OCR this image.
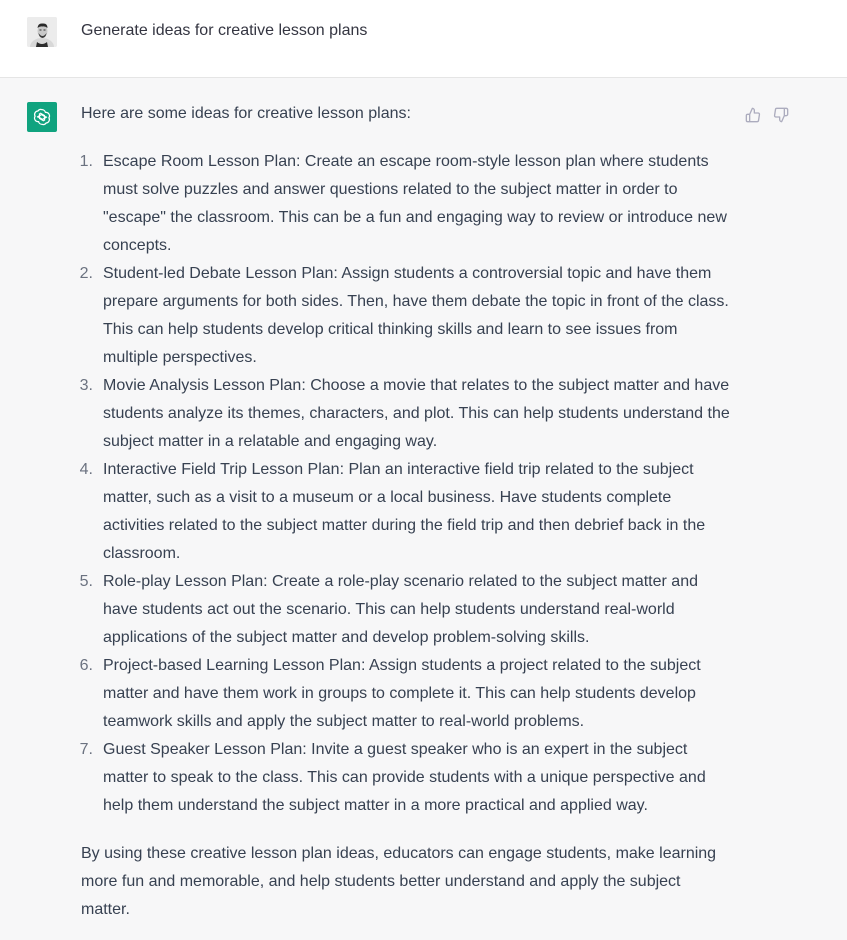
Generate ideas for creative lesson plans

Here are some ideas for creative lesson plans:

1. Escape Room Lesson Plan: Create an escape room-style lesson plan where students must solve puzzles and answer questions related to the subject matter in order to "escape" the classroom. This can be a fun and engaging way to review or introduce new concepts.
2. Student-led Debate Lesson Plan: Assign students a controversial topic and have them prepare arguments for both sides. Then, have them debate the topic in front of the class. This can help students develop critical thinking skills and learn to see issues from multiple perspectives.
3. Movie Analysis Lesson Plan: Choose a movie that relates to the subject matter and have students analyze its themes, characters, and plot. This can help students understand the subject matter in a relatable and engaging way.
4. Interactive Field Trip Lesson Plan: Plan an interactive field trip related to the subject matter, such as a visit to a museum or a local business. Have students complete activities related to the subject matter during the field trip and then debrief back in the classroom.
5. Role-play Lesson Plan: Create a role-play scenario related to the subject matter and have students act out the scenario. This can help students understand real-world applications of the subject matter and develop problem-solving skills.
6. Project-based Learning Lesson Plan: Assign students a project related to the subject matter and have them work in groups to complete it. This can help students develop teamwork skills and apply the subject matter to real-world problems.
7. Guest Speaker Lesson Plan: Invite a guest speaker who is an expert in the subject matter to speak to the class. This can provide students with a unique perspective and help them understand the subject matter in a more practical and applied way.

By using these creative lesson plan ideas, educators can engage students, make learning more fun and memorable, and help students better understand and apply the subject matter.
